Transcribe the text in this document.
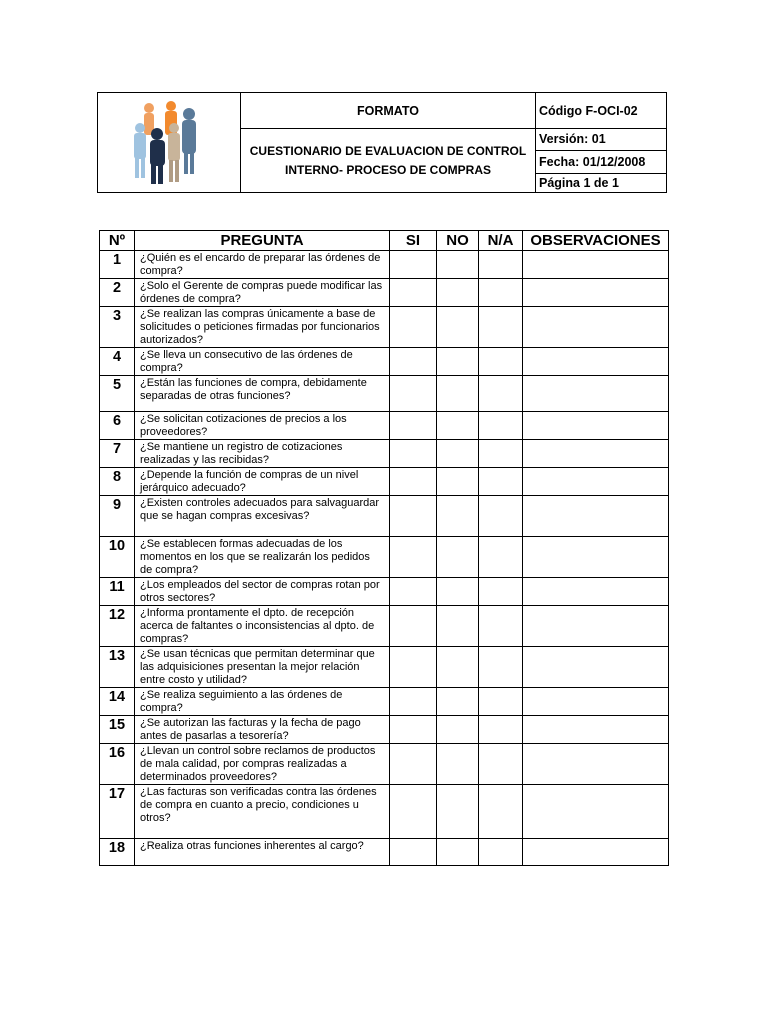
FORMATO
CUESTIONARIO DE EVALUACION DE CONTROL
INTERNO- PROCESO DE COMPRAS
Código F-OCI-02
Versión: 01
Fecha: 01/12/2008
Página 1 de 1
Nº	PREGUNTA	SI	NO	N/A	OBSERVACIONES
1	¿Quién es el encardo de preparar las órdenes de compra?				
2	¿Solo el Gerente de compras puede modificar las órdenes de compra?				
3	¿Se realizan las compras únicamente a base de solicitudes o peticiones firmadas por funcionarios autorizados?				
4	¿Se lleva un consecutivo de las órdenes de compra?				
5	¿Están las funciones de compra, debidamente separadas de otras funciones?				
6	¿Se solicitan cotizaciones de precios a los proveedores?				
7	¿Se mantiene un registro de cotizaciones realizadas y las recibidas?				
8	¿Depende la función de compras de un nivel jerárquico adecuado?				
9	¿Existen controles adecuados para salvaguardar que se hagan compras excesivas?				
10	¿Se establecen formas adecuadas de los momentos en los que se realizarán los pedidos de compra?				
11	¿Los empleados del sector de compras rotan por otros sectores?				
12	¿Informa prontamente el dpto. de recepción acerca de faltantes o inconsistencias al dpto. de compras?				
13	¿Se usan técnicas que permitan determinar que las adquisiciones presentan la mejor relación entre costo y utilidad?				
14	¿Se realiza seguimiento a las órdenes de compra?				
15	¿Se autorizan las facturas y la fecha de pago antes de pasarlas a tesorería?				
16	¿Llevan un control sobre reclamos de productos de mala calidad, por compras realizadas a determinados proveedores?				
17	¿Las facturas son verificadas contra las órdenes de compra en cuanto a precio, condiciones u otros?				
18	¿Realiza otras funciones inherentes al cargo?				
